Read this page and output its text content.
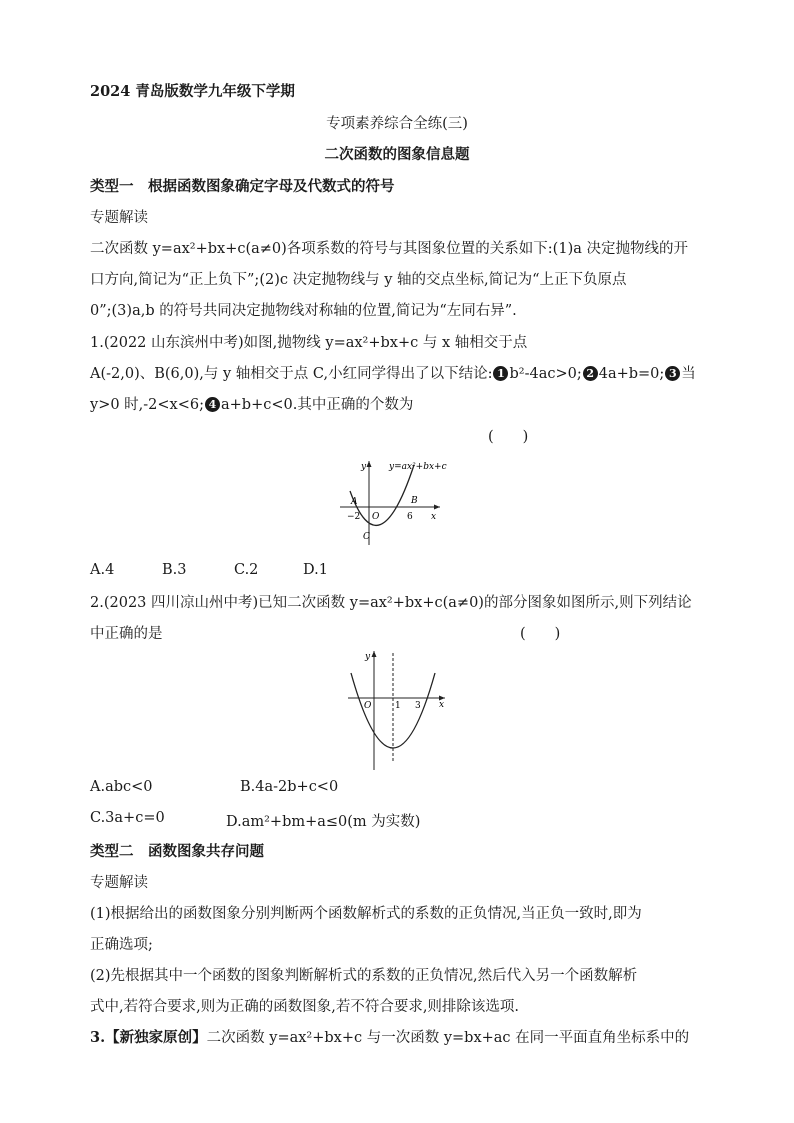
2024 青岛版数学九年级下学期
专项素养综合全练(三)
二次函数的图象信息题
类型一　根据函数图象确定字母及代数式的符号
专题解读
二次函数 y=ax²+bx+c(a≠0)各项系数的符号与其图象位置的关系如下:(1)a 决定抛物线的开
口方向,简记为“正上负下”;(2)c 决定抛物线与 y 轴的交点坐标,简记为“上正下负原点
0”;(3)a,b 的符号共同决定抛物线对称轴的位置,简记为“左同右异”.
1.(2022 山东滨州中考)如图,抛物线 y=ax²+bx+c 与 x 轴相交于点
A(-2,0)、B(6,0),与 y 轴相交于点 C,小红同学得出了以下结论: 1 b²-4ac>0; 2 4a+b=0; 3 当
y>0 时,-2<x<6; 4 a+b+c<0.其中正确的个数为
(　　)
y=ax²+bx+c
y
x
A	B
C
O
−2	6
A.4	B.3	C.2	D.1
2.(2023 四川凉山州中考)已知二次函数 y=ax²+bx+c(a≠0)的部分图象如图所示,则下列结论
中正确的是	(　　)
y
x
O	1 3
A.abc<0	B.4a-2b+c<0
C.3a+c=0	D.am²+bm+a≤0(m 为实数)
类型二　函数图象共存问题
专题解读
(1)根据给出的函数图象分别判断两个函数解析式的系数的正负情况,当正负一致时,即为
正确选项;
(2)先根据其中一个函数的图象判断解析式的系数的正负情况,然后代入另一个函数解析
式中,若符合要求,则为正确的函数图象,若不符合要求,则排除该选项.
3.【新独家原创】二次函数 y=ax²+bx+c 与一次函数 y=bx+ac 在同一平面直角坐标系中的
